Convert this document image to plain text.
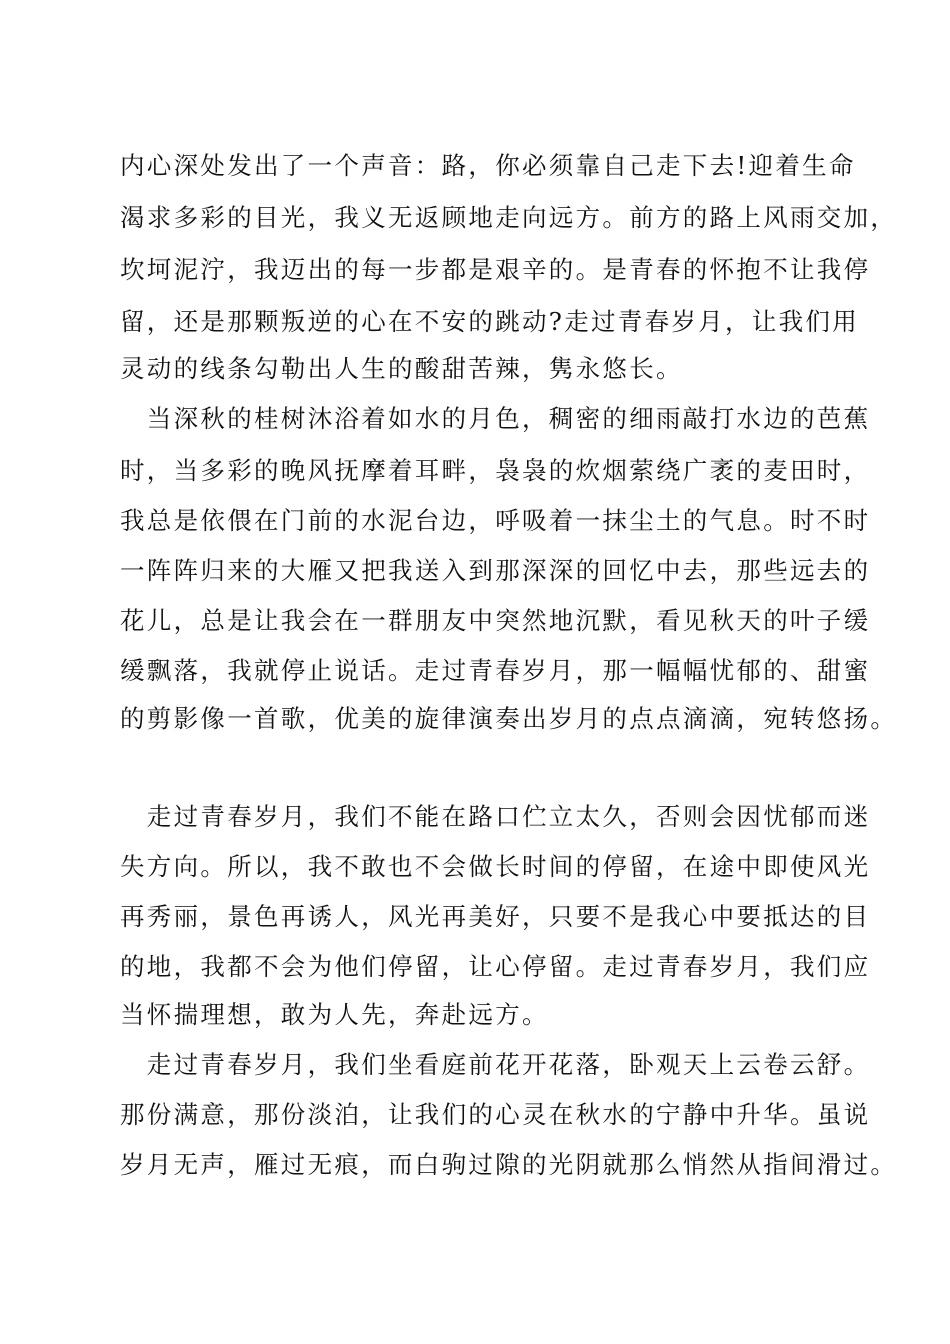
内心深处发出了一个声音：路，你必须靠自己走下去!迎着生命
渴求多彩的目光，我义无返顾地走向远方。前方的路上风雨交加，
坎坷泥泞，我迈出的每一步都是艰辛的。是青春的怀抱不让我停
留，还是那颗叛逆的心在不安的跳动?走过青春岁月，让我们用
灵动的线条勾勒出人生的酸甜苦辣，隽永悠长。
　当深秋的桂树沐浴着如水的月色，稠密的细雨敲打水边的芭蕉
时，当多彩的晚风抚摩着耳畔，袅袅的炊烟萦绕广袤的麦田时，
我总是依偎在门前的水泥台边，呼吸着一抹尘土的气息。时不时
一阵阵归来的大雁又把我送入到那深深的回忆中去，那些远去的
花儿，总是让我会在一群朋友中突然地沉默，看见秋天的叶子缓
缓飘落，我就停止说话。走过青春岁月，那一幅幅忧郁的、甜蜜
的剪影像一首歌，优美的旋律演奏出岁月的点点滴滴，宛转悠扬。
　走过青春岁月，我们不能在路口伫立太久，否则会因忧郁而迷
失方向。所以，我不敢也不会做长时间的停留，在途中即使风光
再秀丽，景色再诱人，风光再美好，只要不是我心中要抵达的目
的地，我都不会为他们停留，让心停留。走过青春岁月，我们应
当怀揣理想，敢为人先，奔赴远方。
　走过青春岁月，我们坐看庭前花开花落，卧观天上云卷云舒。
那份满意，那份淡泊，让我们的心灵在秋水的宁静中升华。虽说
岁月无声，雁过无痕，而白驹过隙的光阴就那么悄然从指间滑过。
